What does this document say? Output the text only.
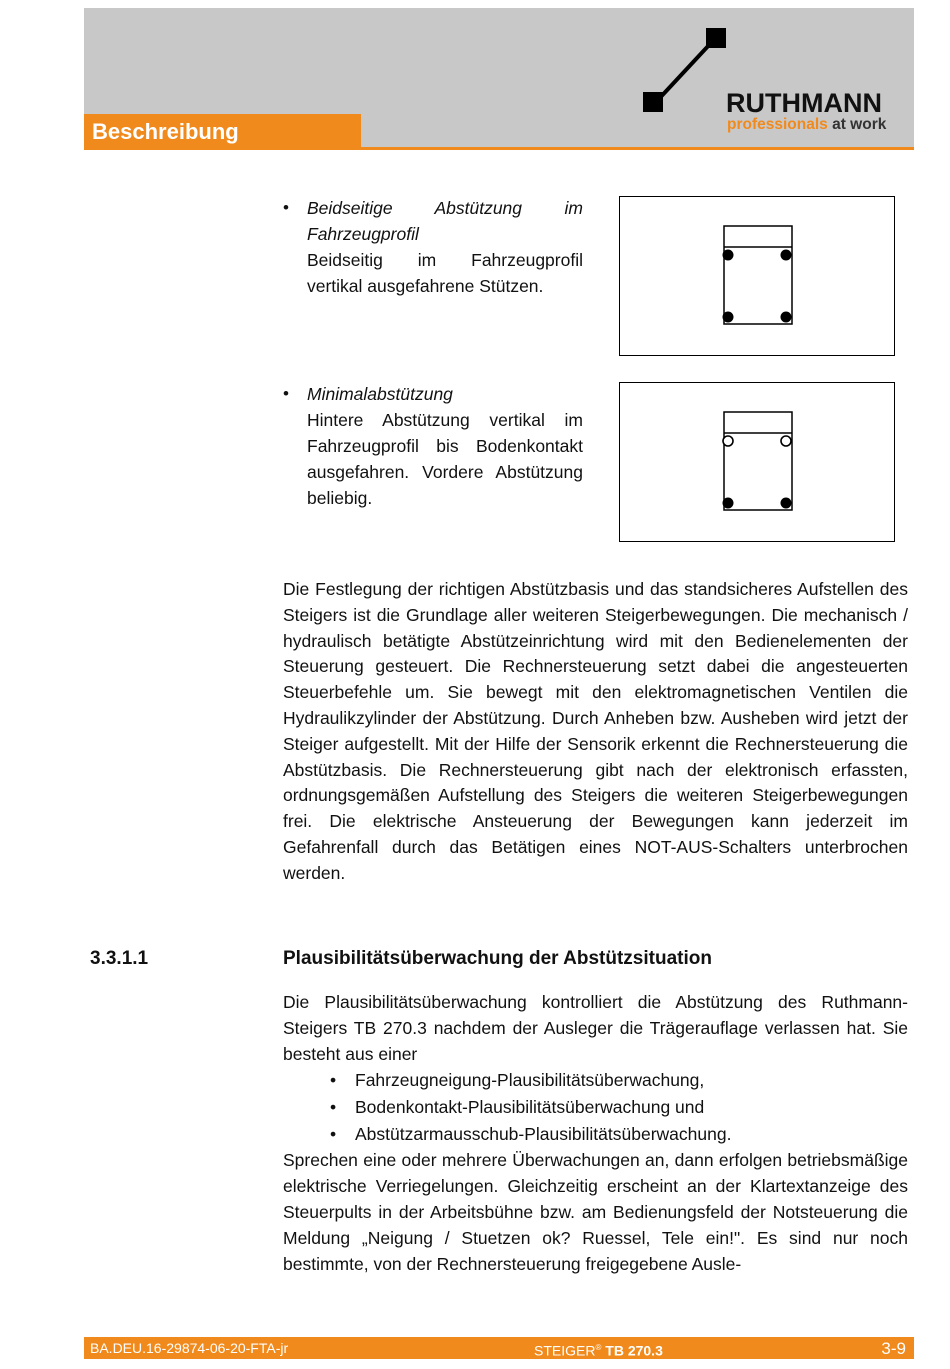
Beschreibung
RUTHMANN
professionals at work
• Beidseitige Abstützung im Fahrzeugprofil
Beidseitig im Fahrzeugprofil vertikal ausgefahrene Stützen.
• Minimalabstützung
Hintere Abstützung vertikal im Fahrzeugprofil bis Bodenkontakt ausgefahren. Vordere Abstützung beliebig.
Die Festlegung der richtigen Abstützbasis und das standsicheres Aufstellen des Steigers ist die Grundlage aller weiteren Steigerbewegungen. Die mechanisch / hydraulisch betätigte Abstützeinrichtung wird mit den Bedienelementen der Steuerung gesteuert. Die Rechnersteuerung setzt dabei die angesteuerten Steuerbefehle um. Sie bewegt mit den elektromagnetischen Ventilen die Hydraulikzylinder der Abstützung. Durch Anheben bzw. Ausheben wird jetzt der Steiger aufgestellt. Mit der Hilfe der Sensorik erkennt die Rechnersteuerung die Abstützbasis. Die Rechnersteuerung gibt nach der elektronisch erfassten, ordnungsgemäßen Aufstellung des Steigers die weiteren Steigerbewegungen frei. Die elektrische Ansteuerung der Bewegungen kann jederzeit im Gefahrenfall durch das Betätigen eines NOT-AUS-Schalters unterbrochen werden.
3.3.1.1	Plausibilitätsüberwachung der Abstützsituation
Die Plausibilitätsüberwachung kontrolliert die Abstützung des Ruthmann-Steigers TB 270.3 nachdem der Ausleger die Trägerauflage verlassen hat. Sie besteht aus einer
• Fahrzeugneigung-Plausibilitätsüberwachung,
• Bodenkontakt-Plausibilitätsüberwachung und
• Abstützarmausschub-Plausibilitätsüberwachung.
Sprechen eine oder mehrere Überwachungen an, dann erfolgen betriebsmäßige elektrische Verriegelungen. Gleichzeitig erscheint an der Klartextanzeige des Steuerpults in der Arbeitsbühne bzw. am Bedienungsfeld der Notsteuerung die Meldung „Neigung / Stuetzen ok? Ruessel, Tele ein!". Es sind nur noch bestimmte, von der Rechnersteuerung freigegebene Ausle-
BA.DEU.16-29874-06-20-FTA-jr	STEIGER® TB 270.3	3-9
